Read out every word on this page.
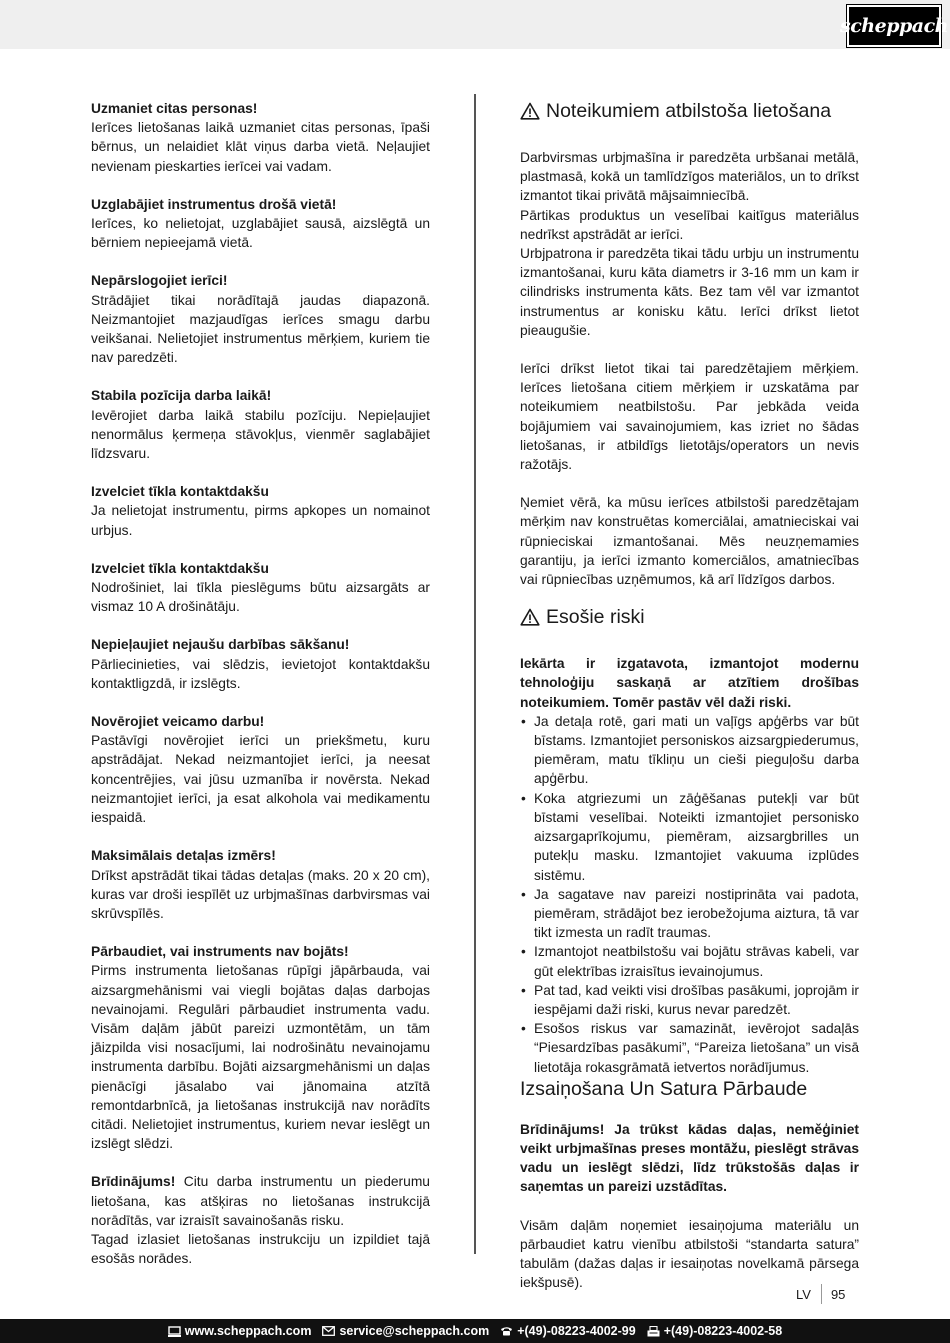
scheppach

Uzmaniet citas personas!

Ierīces lietošanas laikā uzmaniet citas personas, īpaši bērnus, un nelaidiet klāt viņus darba vietā. Neļaujiet nevienam pieskarties ierīcei vai vadam.

Uzglabājiet instrumentus drošā vietā!

Ierīces, ko nelietojat, uzglabājiet sausā, aizslēgtā un bērniem nepieejamā vietā.

Nepārslogojiet ierīci!

Strādājiet tikai norādītajā jaudas diapazonā. Neizmantojiet mazjaudīgas ierīces smagu darbu veikšanai. Nelietojiet instrumentus mērķiem, kuriem tie nav paredzēti.

Stabila pozīcija darba laikā!

Ievērojiet darba laikā stabilu pozīciju. Nepieļaujiet nenormālus ķermeņa stāvokļus, vienmēr saglabājiet līdzsvaru.

Izvelciet tīkla kontaktdakšu

Ja nelietojat instrumentu, pirms apkopes un nomainot urbjus.

Izvelciet tīkla kontaktdakšu

Nodrošiniet, lai tīkla pieslēgums būtu aizsargāts ar vismaz 10 A drošinātāju.

Nepieļaujiet nejaušu darbības sākšanu!

Pārliecinieties, vai slēdzis, ievietojot kontaktdakšu kontaktligzdā, ir izslēgts.

Novērojiet veicamo darbu!

Pastāvīgi novērojiet ierīci un priekšmetu, kuru apstrādājat. Nekad neizmantojiet ierīci, ja neesat koncentrējies, vai jūsu uzmanība ir novērsta. Nekad neizmantojiet ierīci, ja esat alkohola vai medikamentu iespaidā.

Maksimālais detaļas izmērs!

Drīkst apstrādāt tikai tādas detaļas (maks. 20 x 20 cm), kuras var droši iespīlēt uz urbjmašīnas darbvirsmas vai skrūvspīlēs.

Pārbaudiet, vai instruments nav bojāts!

Pirms instrumenta lietošanas rūpīgi jāpārbauda, vai aizsargmehānismi vai viegli bojātas daļas darbojas nevainojami. Regulāri pārbaudiet instrumenta vadu. Visām daļām jābūt pareizi uzmontētām, un tām jāizpilda visi nosacījumi, lai nodrošinātu nevainojamu instrumenta darbību. Bojāti aizsargmehānismi un daļas pienācīgi jāsalabo vai jānomaina atzītā remontdarbnīcā, ja lietošanas instrukcijā nav norādīts citādi. Nelietojiet instrumentus, kuriem nevar ieslēgt un izslēgt slēdzi.

Brīdinājums! Citu darba instrumentu un piederumu lietošana, kas atšķiras no lietošanas instrukcijā norādītās, var izraisīt savainošanās risku.

Tagad izlasiet lietošanas instrukciju un izpildiet tajā esošās norādes.

Noteikumiem atbilstoša lietošana

Darbvirsmas urbjmašīna ir paredzēta urbšanai metālā, plastmasā, kokā un tamlīdzīgos materiālos, un to drīkst izmantot tikai privātā mājsaimniecībā.

Pārtikas produktus un veselībai kaitīgus materiālus nedrīkst apstrādāt ar ierīci.

Urbjpatrona ir paredzēta tikai tādu urbju un instrumentu izmantošanai, kuru kāta diametrs ir 3-16 mm un kam ir cilindrisks instrumenta kāts. Bez tam vēl var izmantot instrumentus ar konisku kātu. Ierīci drīkst lietot pieaugušie.

Ierīci drīkst lietot tikai tai paredzētajiem mērķiem. Ierīces lietošana citiem mērķiem ir uzskatāma par noteikumiem neatbilstošu. Par jebkāda veida bojājumiem vai savainojumiem, kas izriet no šādas lietošanas, ir atbildīgs lietotājs/operators un nevis ražotājs.

Ņemiet vērā, ka mūsu ierīces atbilstoši paredzētajam mērķim nav konstruētas komerciālai, amatnieciskai vai rūpnieciskai izmantošanai. Mēs neuzņemamies garantiju, ja ierīci izmanto komerciālos, amatniecības vai rūpniecības uzņēmumos, kā arī līdzīgos darbos.

Esošie riski

Iekārta ir izgatavota, izmantojot modernu tehnoloģiju saskaņā ar atzītiem drošības noteikumiem. Tomēr pastāv vēl daži riski.

• Ja detaļa rotē, gari mati un vaļīgs apģērbs var būt bīstams. Izmantojiet personiskos aizsargpiederumus, piemēram, matu tīkliņu un cieši pieguļošu darba apģērbu.
• Koka atgriezumi un zāģēšanas putekļi var būt bīstami veselībai. Noteikti izmantojiet personisko aizsargaprīkojumu, piemēram, aizsargbrilles un putekļu masku. Izmantojiet vakuuma izplūdes sistēmu.
• Ja sagatave nav pareizi nostiprināta vai padota, piemēram, strādājot bez ierobežojuma aiztura, tā var tikt izmesta un radīt traumas.
• Izmantojot neatbilstošu vai bojātu strāvas kabeli, var gūt elektrības izraisītus ievainojumus.
• Pat tad, kad veikti visi drošības pasākumi, joprojām ir iespējami daži riski, kurus nevar paredzēt.
• Esošos riskus var samazināt, ievērojot sadaļās “Piesardzības pasākumi”, “Pareiza lietošana” un visā lietotāja rokasgrāmatā ietvertos norādījumus.

Izsaiņošana Un Satura Pārbaude

Brīdinājums! Ja trūkst kādas daļas, neměģiniet veikt urbjmašīnas preses montāžu, pieslēgt strāvas vadu un ieslēgt slēdzi, līdz trūkstošās daļas ir saņemtas un pareizi uzstādītas.

Visām daļām noņemiet iesaiņojuma materiālu un pārbaudiet katru vienību atbilstoši “standarta satura” tabulām (dažas daļas ir iesaiņotas novelkamā pārsega iekšpusē).

LV	95
www.scheppach.com service@scheppach.com +(49)-08223-4002-99 +(49)-08223-4002-58
